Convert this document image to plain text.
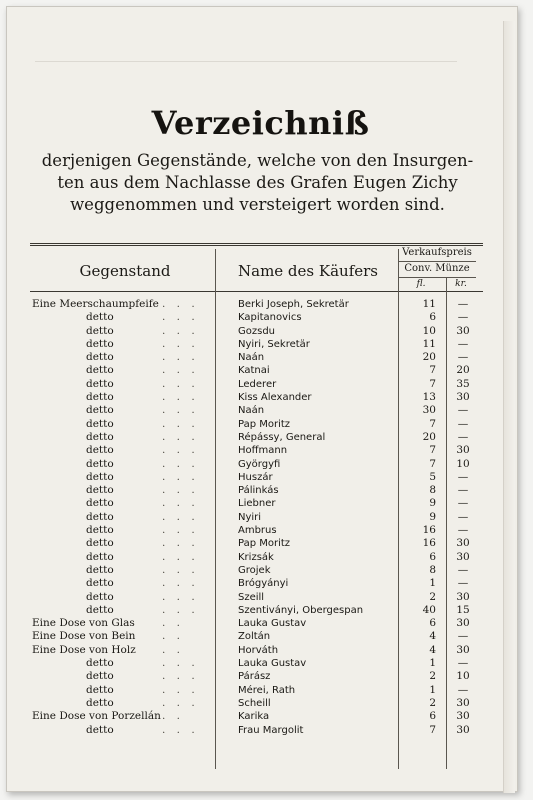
Verzeichniß
derjenigen Gegenstände, welche von den Insurgen-
ten aus dem Nachlasse des Grafen Eugen Zichy
weggenommen und versteigert worden sind.
Gegenstand	Name des Käufers
Verkaufspreis
Conv. Münze
fl.	kr.
Eine Meerschaumpfeife . . .	Berki Joseph, Sekretär	11	—
detto	. . .	Kapitanovics	6	—
detto	. . .	Gozsdu	10	30
detto	. . .	Nyiri, Sekretär	11	—
detto	. . .	Naán	20	—
detto	. . .	Katnai	7	20
detto	. . .	Lederer	7	35
detto	. . .	Kiss Alexander	13	30
detto	. . .	Naán	30	—
detto	. . .	Pap Moritz	7	—
detto	. . .	Répássy, General	20	—
detto	. . .	Hoffmann	7	30
detto	. . .	Györgyfi	7	10
detto	. . .	Huszár	5	—
detto	. . .	Pálinkás	8	—
detto	. . .	Liebner	9	—
detto	. . .	Nyiri	9	—
detto	. . .	Ambrus	16	—
detto	. . .	Pap Moritz	16	30
detto	. . .	Krizsák	6	30
detto	. . .	Grojek	8	—
detto	. . .	Brógyányi	1	—
detto	. . .	Szeill	2	30
detto	. . .	Szentiványi, Obergespan	40	15
Eine Dose von Glas	. .	Lauka Gustav	6	30
Eine Dose von Bein	. .	Zoltán	4	—
Eine Dose von Holz	. .	Horváth	4	30
detto	. . .	Lauka Gustav	1	—
detto	. . .	Párász	2	10
detto	. . .	Mérei, Rath	1	—
detto	. . .	Scheill	2	30
Eine Dose von Porzellán . .	Karika	6	30
detto	. . .	Frau Margolit	7	30
